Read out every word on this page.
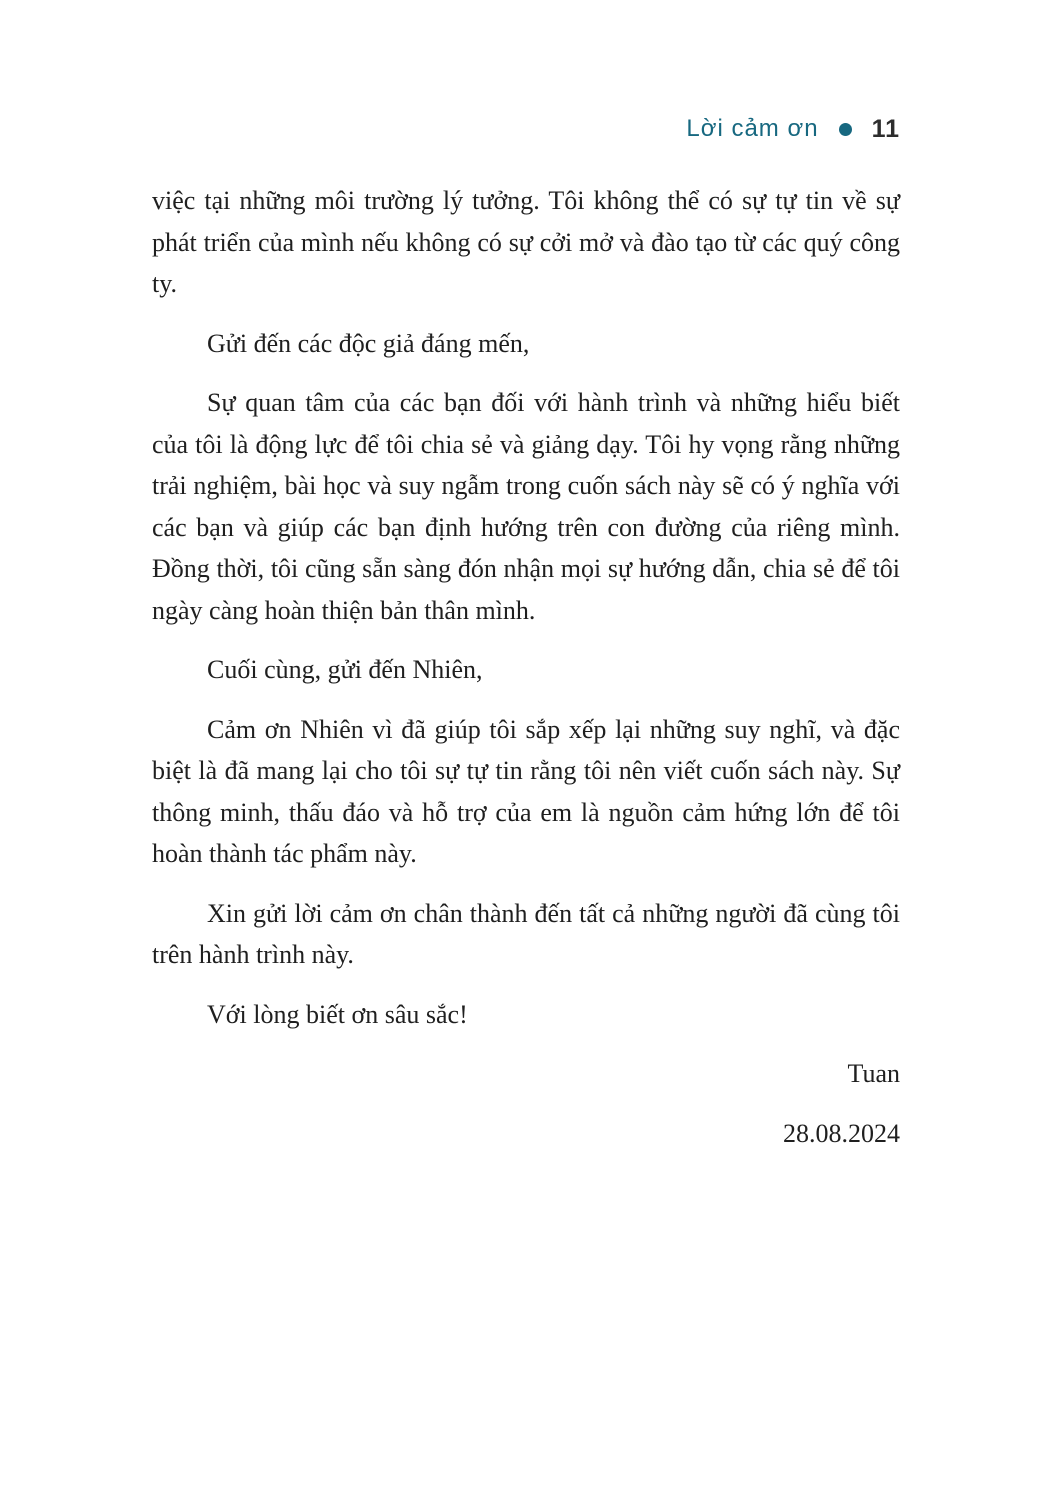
Lời cảm ơn 11

việc tại những môi trường lý tưởng. Tôi không thể có sự tự tin về sự phát triển của mình nếu không có sự cởi mở và đào tạo từ các quý công ty.

Gửi đến các độc giả đáng mến,

Sự quan tâm của các bạn đối với hành trình và những hiểu biết của tôi là động lực để tôi chia sẻ và giảng dạy. Tôi hy vọng rằng những trải nghiệm, bài học và suy ngẫm trong cuốn sách này sẽ có ý nghĩa với các bạn và giúp các bạn định hướng trên con đường của riêng mình. Đồng thời, tôi cũng sẵn sàng đón nhận mọi sự hướng dẫn, chia sẻ để tôi ngày càng hoàn thiện bản thân mình.

Cuối cùng, gửi đến Nhiên,

Cảm ơn Nhiên vì đã giúp tôi sắp xếp lại những suy nghĩ, và đặc biệt là đã mang lại cho tôi sự tự tin rằng tôi nên viết cuốn sách này. Sự thông minh, thấu đáo và hỗ trợ của em là nguồn cảm hứng lớn để tôi hoàn thành tác phẩm này.

Xin gửi lời cảm ơn chân thành đến tất cả những người đã cùng tôi trên hành trình này.

Với lòng biết ơn sâu sắc!

Tuan

28.08.2024
